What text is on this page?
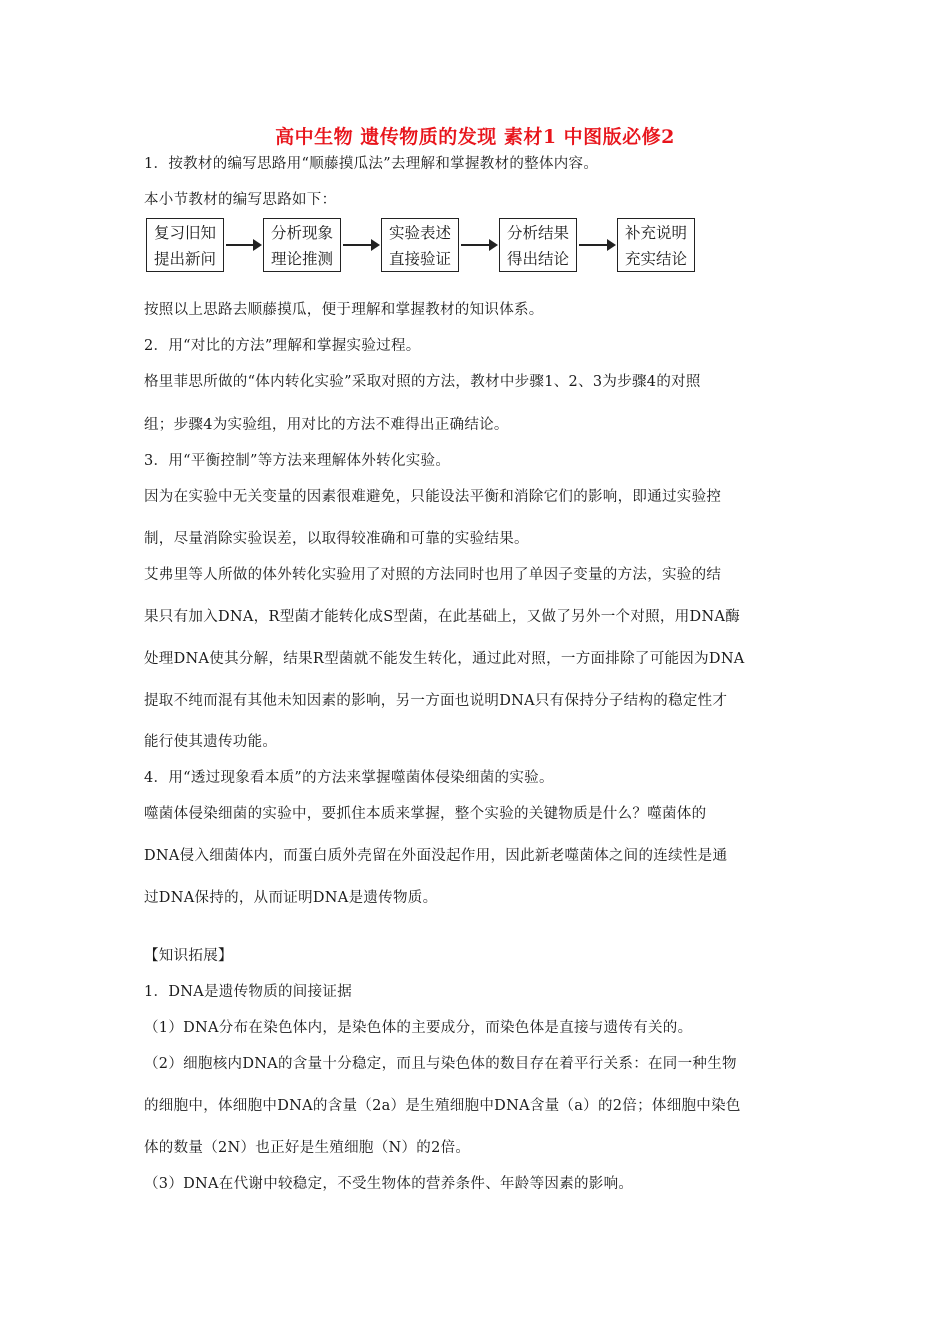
高中生物 遗传物质的发现 素材1 中图版必修2
1．按教材的编写思路用“顺藤摸瓜法”去理解和掌握教材的整体内容。
本小节教材的编写思路如下：
复习旧知
提出新问
分析现象
理论推测
实验表述
直接验证
分析结果
得出结论
补充说明
充实结论
按照以上思路去顺藤摸瓜，便于理解和掌握教材的知识体系。
2．用“对比的方法”理解和掌握实验过程。
格里菲思所做的“体内转化实验”采取对照的方法，教材中步骤1、2、3为步骤4的对照
组；步骤4为实验组，用对比的方法不难得出正确结论。
3．用“平衡控制”等方法来理解体外转化实验。
因为在实验中无关变量的因素很难避免，只能设法平衡和消除它们的影响，即通过实验控
制，尽量消除实验误差，以取得较准确和可靠的实验结果。
艾弗里等人所做的体外转化实验用了对照的方法同时也用了单因子变量的方法，实验的结
果只有加入DNA，R型菌才能转化成S型菌，在此基础上，又做了另外一个对照，用DNA酶
处理DNA使其分解，结果R型菌就不能发生转化，通过此对照，一方面排除了可能因为DNA
提取不纯而混有其他未知因素的影响，另一方面也说明DNA只有保持分子结构的稳定性才
能行使其遗传功能。
4．用“透过现象看本质”的方法来掌握噬菌体侵染细菌的实验。
噬菌体侵染细菌的实验中，要抓住本质来掌握，整个实验的关键物质是什么？噬菌体的
DNA侵入细菌体内，而蛋白质外壳留在外面没起作用，因此新老噬菌体之间的连续性是通
过DNA保持的，从而证明DNA是遗传物质。
【知识拓展】
1．DNA是遗传物质的间接证据
（1）DNA分布在染色体内，是染色体的主要成分，而染色体是直接与遗传有关的。
（2）细胞核内DNA的含量十分稳定，而且与染色体的数目存在着平行关系：在同一种生物
的细胞中，体细胞中DNA的含量（2a）是生殖细胞中DNA含量（a）的2倍；体细胞中染色
体的数量（2N）也正好是生殖细胞（N）的2倍。
（3）DNA在代谢中较稳定，不受生物体的营养条件、年龄等因素的影响。
